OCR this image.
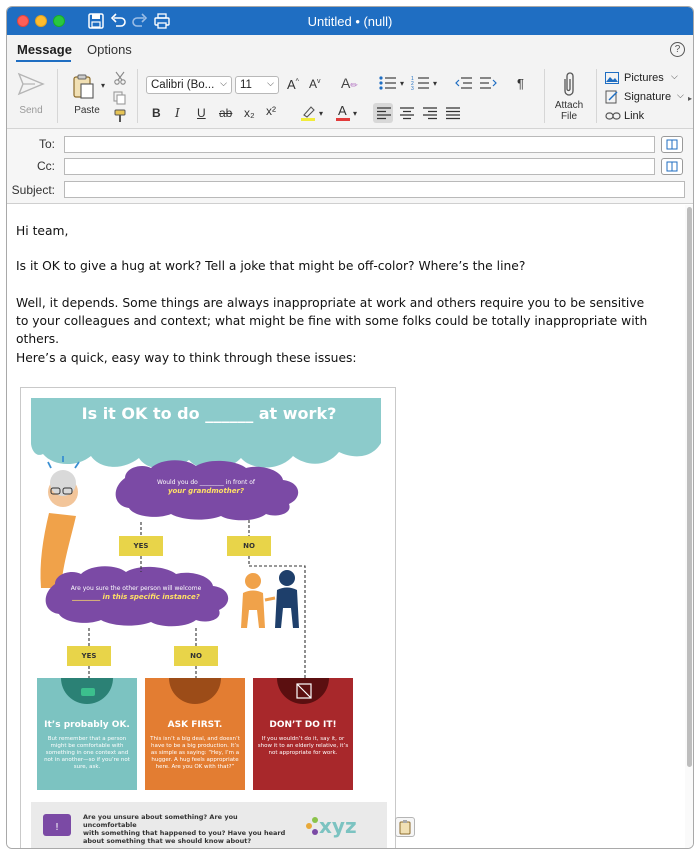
Untitled • (null)
Message Options	?
Send
▾
Paste
Calibri (Bo... ⌵	11 ⌵ A^ $A^v$ A✏
B I U ab x₂ x²	▾ A ▾
▾ 1
2
3
▾	¶
Attach
File
Pictures ⌵
Signature ⌵
Link
▸
To:
Cc:
Subject:
Hi team,
Is it OK to give a hug at work? Tell a joke that might be off-color? Where’s the line?
Well, it depends. Some things are always inappropriate at work and others require you to be sensitive to your colleagues and context; what might be fine with some folks could be totally inappropriate with others.
Here’s a quick, easy way to think through these issues:
!
Is it OK to do ______ at work?
Would you do ________ in front of
your grandmother?
Are you sure the other person will welcome
________ in this specific instance?
YES	NO
YES	NO
It’s probably OK.
But remember that a person might be comfortable with something in one context and not in another—so if you’re not sure, ask.
ASK FIRST.
This isn’t a big deal, and doesn’t have to be a big production. It’s as simple as saying: “Hey, I’m a hugger. A hug feels appropriate here. Are you OK with that?”
DON’T DO IT!
If you wouldn’t do it, say it, or show it to an elderly relative, it’s not appropriate for work.
Are you unsure about something? Are you uncomfortable
with something that happened to you? Have you heard
about something that we should know about?
xyz
